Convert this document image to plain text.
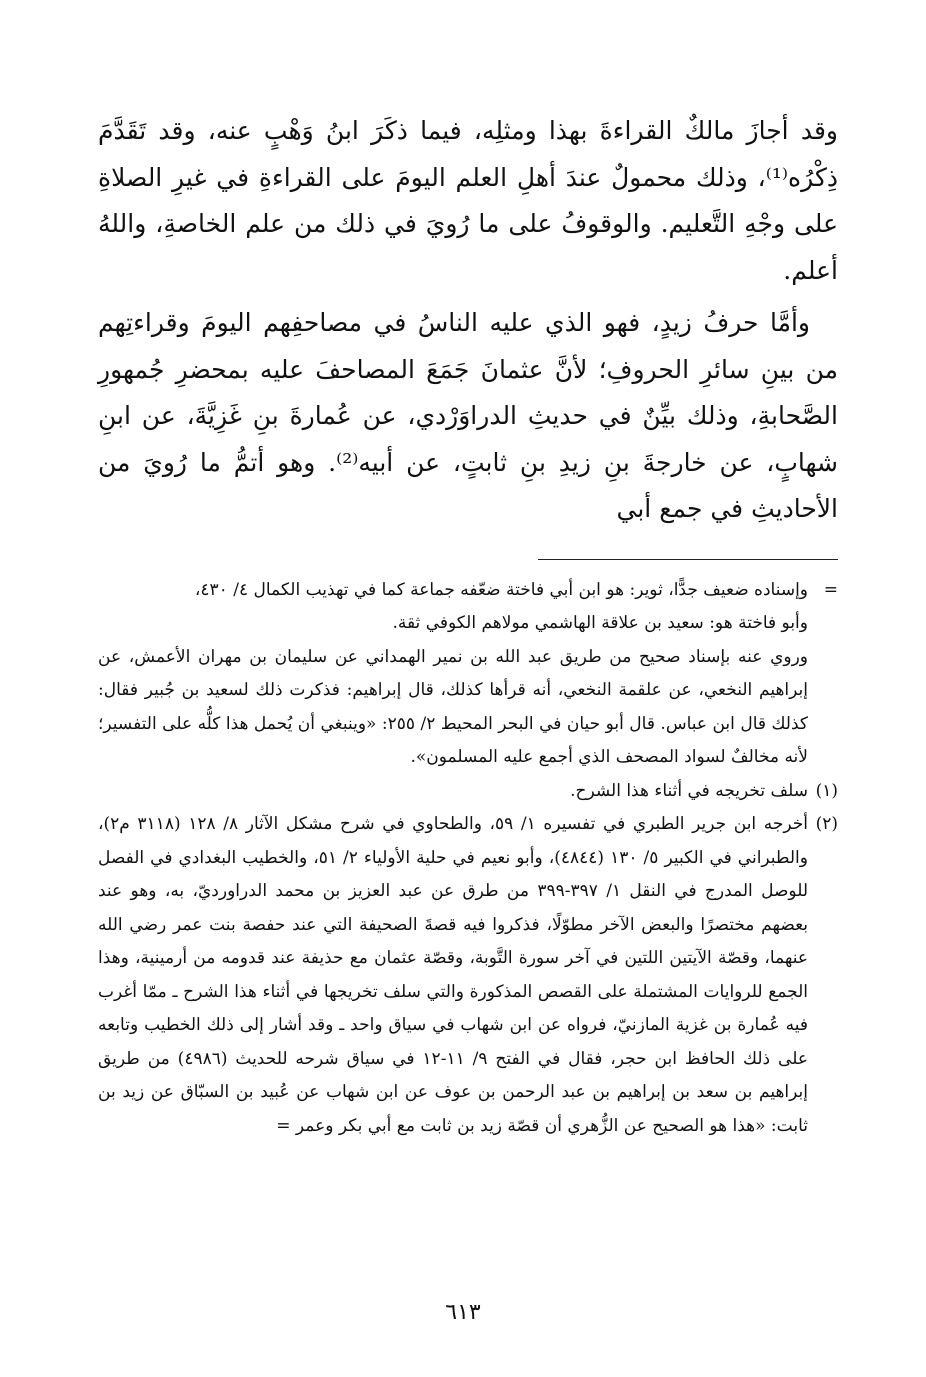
وقد أجازَ مالكٌ القراءةَ بهذا ومثلِه، فيما ذكَرَ ابنُ وَهْبٍ عنه، وقد تَقَدَّمَ ذِكْرُه⁽¹⁾، وذلك محمولٌ عندَ أهلِ العلم اليومَ على القراءةِ في غيرِ الصلاةِ على وجْهِ التَّعليم. والوقوفُ على ما رُويَ في ذلك من علم الخاصةِ، واللهُ أعلم.

وأمَّا حرفُ زيدٍ، فهو الذي عليه الناسُ في مصاحفِهم اليومَ وقراءتِهم من بينِ سائرِ الحروفِ؛ لأنَّ عثمانَ جَمَعَ المصاحفَ عليه بمحضرِ جُمهورِ الصَّحابةِ، وذلك بيِّنٌ في حديثِ الدراوَرْدي، عن عُمارةَ بنِ غَزِيَّةَ، عن ابنِ شهابٍ، عن خارجةَ بنِ زيدِ بنِ ثابتٍ، عن أبيه⁽²⁾. وهو أتمُّ ما رُويَ من الأحاديثِ في جمع أبي

=
وإسناده ضعيف جدًّا، ثوير: هو ابن أبي فاختة ضعّفه جماعة كما في تهذيب الكمال ٤/ ٤٣٠،
وأبو فاختة هو: سعيد بن علاقة الهاشمي مولاهم الكوفي ثقة.

وروي عنه بإسناد صحيح من طريق عبد الله بن نمير الهمداني عن سليمان بن مهران الأعمش، عن إبراهيم النخعي، عن علقمة النخعي، أنه قرأها كذلك، قال إبراهيم: فذكرت ذلك لسعيد بن جُبير فقال: كذلك قال ابن عباس. قال أبو حيان في البحر المحيط ٢/ ٢٥٥: «وينبغي أن يُحمل هذا كلُّه على التفسير؛ لأنه مخالفٌ لسواد المصحف الذي أجمع عليه المسلمون».

(١)
سلف تخريجه في أثناء هذا الشرح.

(٢)
أخرجه ابن جرير الطبري في تفسيره ١/ ٥٩، والطحاوي في شرح مشكل الآثار ٨/ ١٢٨ (٣١١٨ م٢)، والطبراني في الكبير ٥/ ١٣٠ (٤٨٤٤)، وأبو نعيم في حلية الأولياء ٢/ ٥١، والخطيب البغدادي في الفصل للوصل المدرج في النقل ١/ ٣٩٧-٣٩٩ من طرق عن عبد العزيز بن محمد الدراورديّ، به، وهو عند بعضهم مختصرًا والبعض الآخر مطوّلًا، فذكروا فيه قصةَ الصحيفة التي عند حفصة بنت عمر رضي الله عنهما، وقصّة الآيتين اللتين في آخر سورة التَّوبة، وقصّة عثمان مع حذيفة عند قدومه من أرمينية، وهذا الجمع للروايات المشتملة على القصص المذكورة والتي سلف تخريجها في أثناء هذا الشرح ـ ممّا أغرب فيه عُمارة بن غزية المازنيّ، فرواه عن ابن شهاب في سياق واحد ـ وقد أشار إلى ذلك الخطيب وتابعه على ذلك الحافظ ابن حجر، فقال في الفتح ٩/ ١١-١٢ في سياق شرحه للحديث (٤٩٨٦) من طريق إبراهيم بن سعد بن إبراهيم بن عبد الرحمن بن عوف عن ابن شهاب عن عُبيد بن السبّاق عن زيد بن ثابت: «هذا هو الصحيح عن الزُّهري أن قصّة زيد بن ثابت مع أبي بكر وعمر =

٦١٣
